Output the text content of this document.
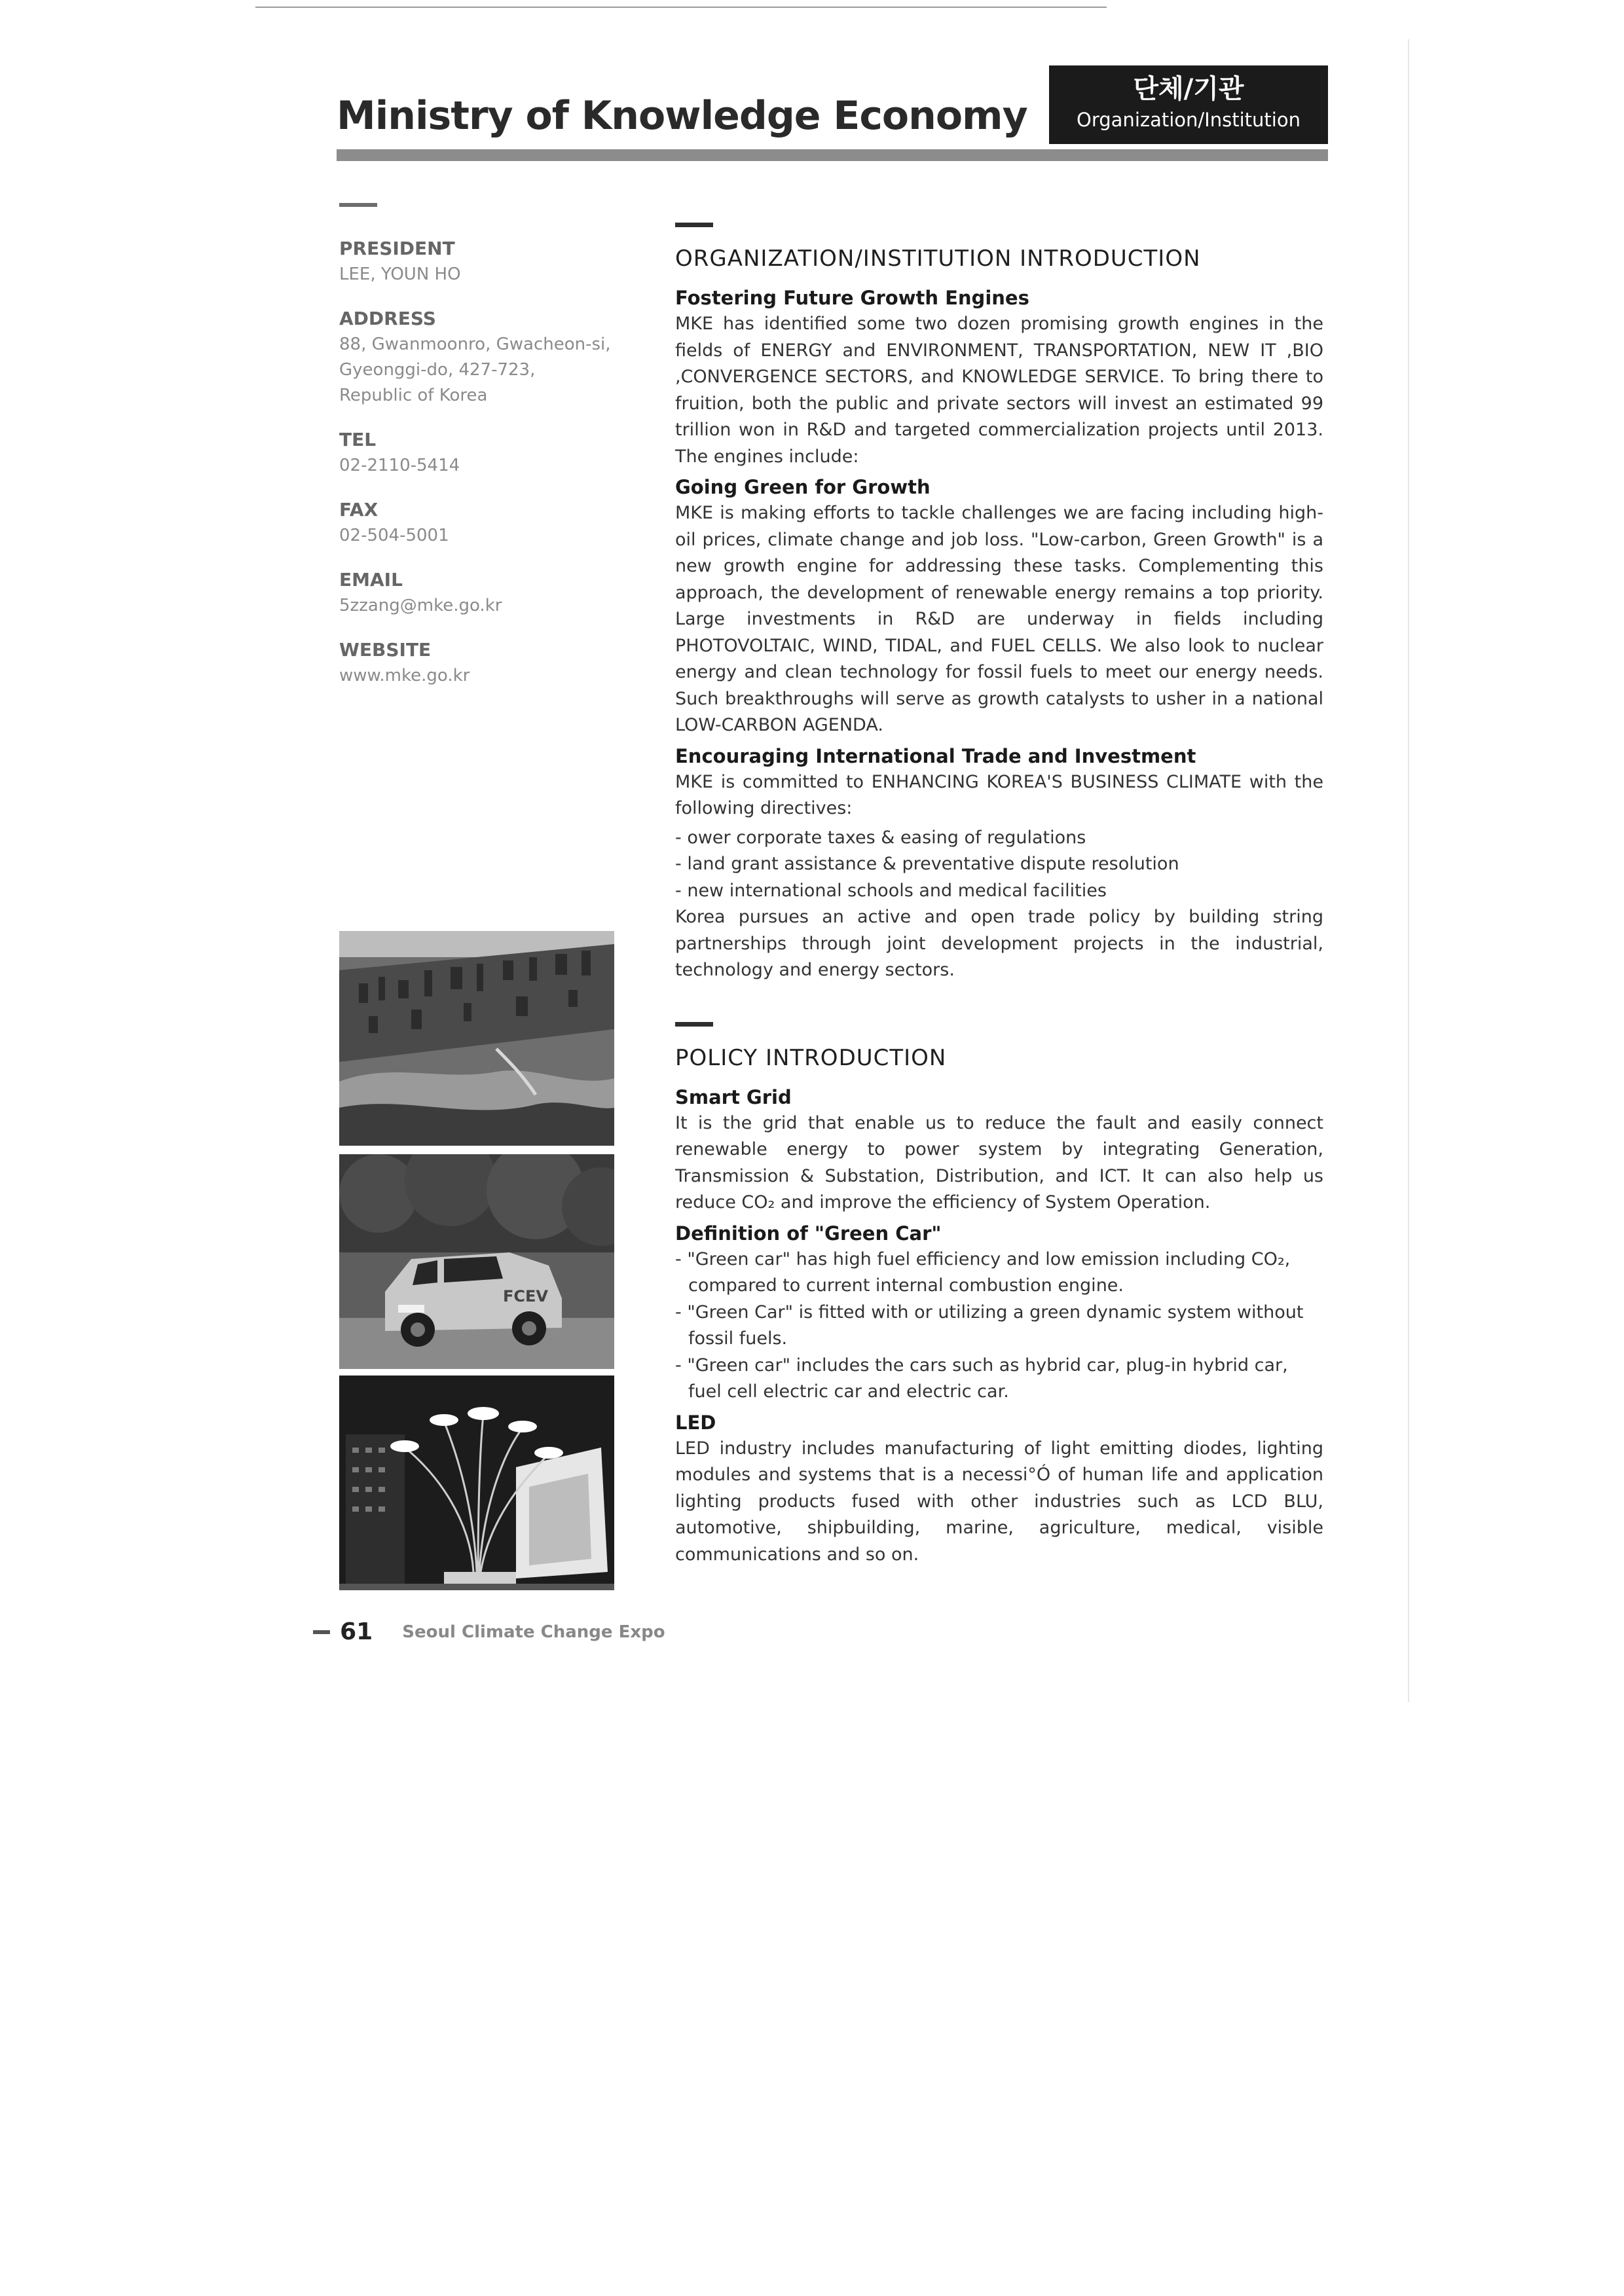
Ministry of Knowledge Economy
단체/기관
Organization/Institution

PRESIDENT

LEE, YOUN HO

ADDRESS

88, Gwanmoonro, Gwacheon-si,
Gyeonggi-do, 427-723,
Republic of Korea

TEL

02-2110-5414

FAX

02-504-5001

EMAIL

5zzang@mke.go.kr

WEBSITE

www.mke.go.kr

FCEV
ORGANIZATION/INSTITUTION INTRODUCTION
Fostering Future Growth Engines

MKE has identified some two dozen promising growth engines in the fields of ENERGY and ENVIRONMENT, TRANSPORTATION, NEW IT ,BIO ,CONVERGENCE SECTORS, and KNOWLEDGE SERVICE. To bring there to fruition, both the public and private sectors will invest an estimated 99 trillion won in R&D and targeted commercialization projects until 2013. The engines include:

Going Green for Growth

MKE is making efforts to tackle challenges we are facing including high-oil prices, climate change and job loss. "Low-carbon, Green Growth" is a new growth engine for addressing these tasks. Complementing this approach, the development of renewable energy remains a top priority. Large investments in R&D are underway in fields including PHOTOVOLTAIC, WIND, TIDAL, and FUEL CELLS. We also look to nuclear energy and clean technology for fossil fuels to meet our energy needs. Such breakthroughs will serve as growth catalysts to usher in a national LOW-CARBON AGENDA.

Encouraging International Trade and Investment

MKE is committed to ENHANCING KOREA'S BUSINESS CLIMATE with the following directives:

- ower corporate taxes & easing of regulations

- land grant assistance & preventative dispute resolution

- new international schools and medical facilities

Korea pursues an active and open trade policy by building string partnerships through joint development projects in the industrial, technology and energy sectors.

POLICY INTRODUCTION
Smart Grid

It is the grid that enable us to reduce the fault and easily connect renewable energy to power system by integrating Generation, Transmission & Substation, Distribution, and ICT. It can also help us reduce CO₂ and improve the efficiency of System Operation.

Definition of "Green Car"

- "Green car" has high fuel efficiency and low emission including CO₂, compared to current internal combustion engine.

- "Green Car" is fitted with or utilizing a green dynamic system without fossil fuels.

- "Green car" includes the cars such as hybrid car, plug-in hybrid car, fuel cell electric car and electric car.

LED

LED industry includes manufacturing of light emitting diodes, lighting modules and systems that is a necessi°Ó of human life and application lighting products fused with other industries such as LCD BLU, automotive, shipbuilding, marine, agriculture, medical, visible communications and so on.

61 Seoul Climate Change Expo
